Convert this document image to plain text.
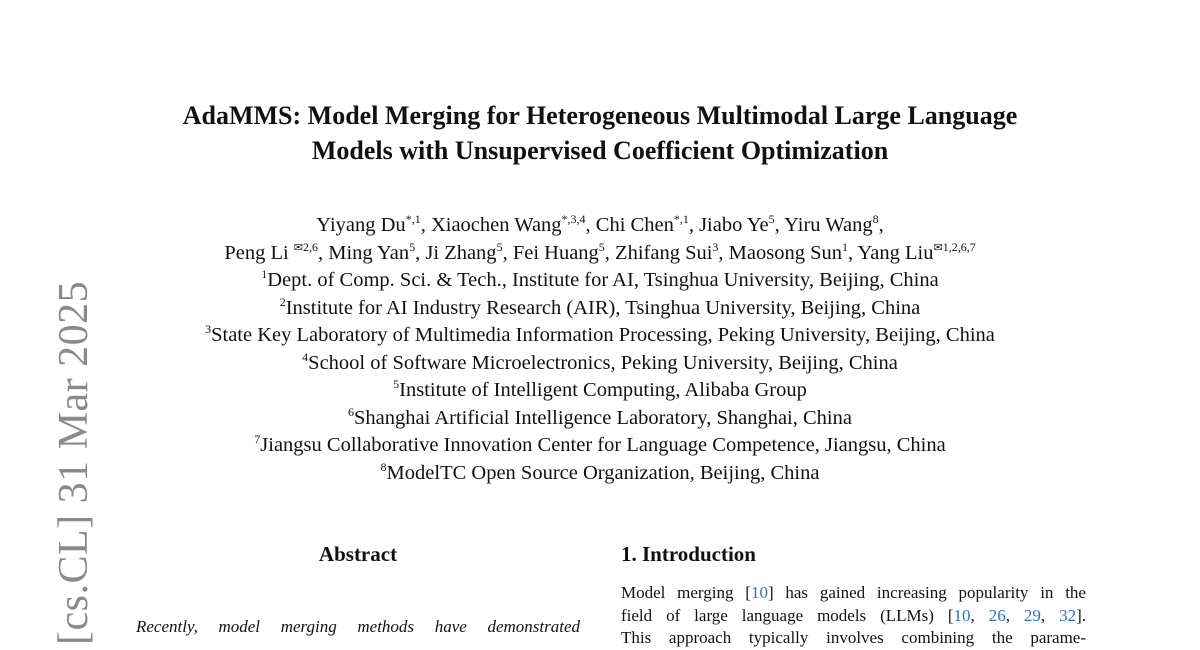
[cs.CL] 31 Mar 2025
AdaMMS: Model Merging for Heterogeneous Multimodal Large Language
Models with Unsupervised Coefficient Optimization
Yiyang $Du^{*,1}$, Xiaochen Wang$^{*,3,4}$, Chi Chen$^{*,1}$, Jiabo Ye$^5$, Yiru Wang$^8$,
Peng Li $^{✉2,6}$, Ming Yan$^5$, Ji Zhang$^5$, Fei Huang$^5$, Zhifang Sui$^3$, Maosong Sun$^1$, Yang Liu$^{✉1,2,6,7}$
$^1$Dept. of Comp. Sci. & Tech., Institute for AI, Tsinghua University, Beijing, China
$^2$Institute for AI Industry Research (AIR), Tsinghua University, Beijing, China
$^3$State Key Laboratory of Multimedia Information Processing, Peking University, Beijing, China
$^4$School of Software Microelectronics, Peking University, Beijing, China
$^5$Institute of Intelligent Computing, Alibaba Group
$^6$Shanghai Artificial Intelligence Laboratory, Shanghai, China
$^7$Jiangsu Collaborative Innovation Center for Language Competence, Jiangsu, China
$^8$ModelTC Open Source Organization, Beijing, China
Abstract
Recently, model merging methods have demonstrated
1. Introduction
Model merging [10] has gained increasing popularity in the
field of large language models (LLMs) [10, 26, 29, 32].
This approach typically involves combining the parame-
